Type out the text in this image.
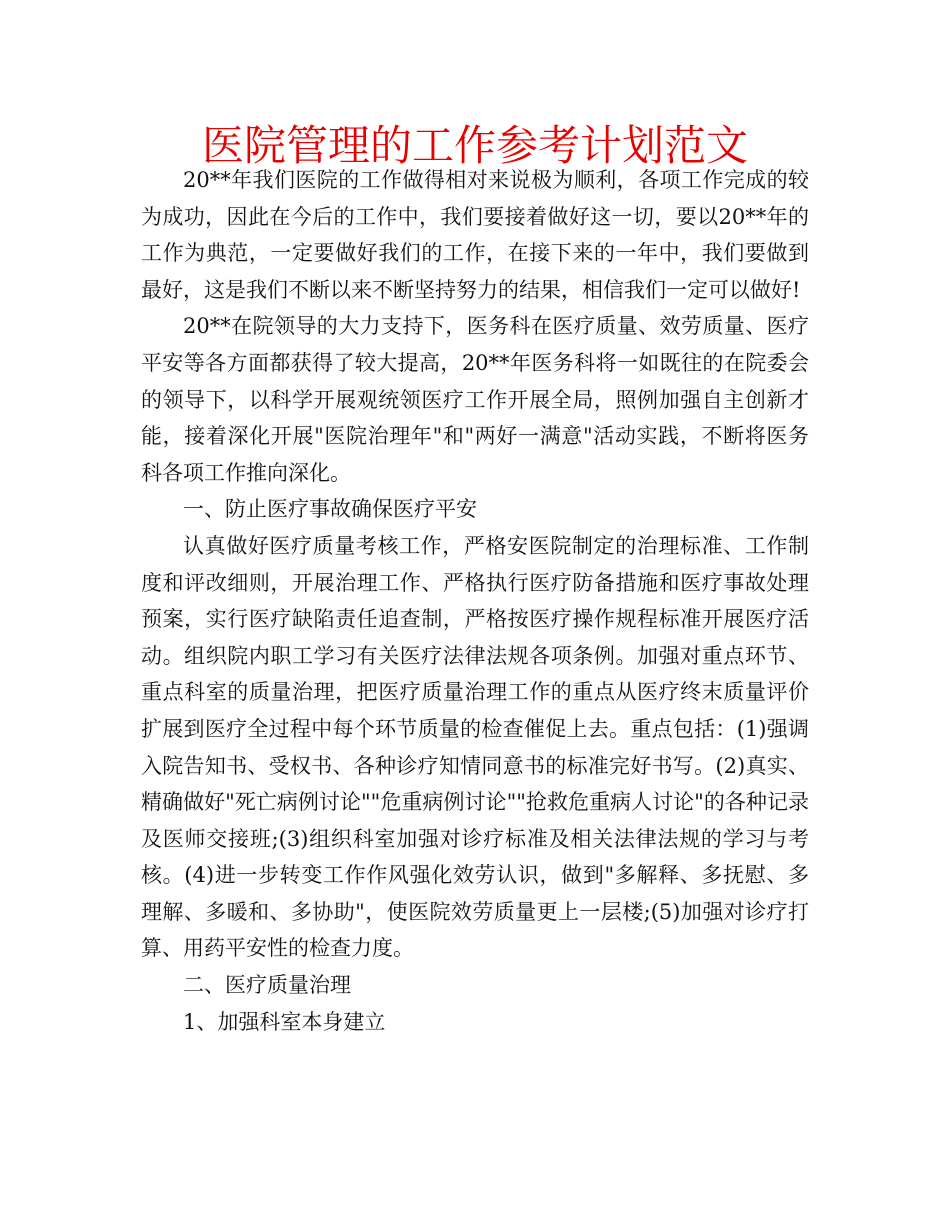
医院管理的工作参考计划范文

20**年我们医院的工作做得相对来说极为顺利，各项工作完成的较为成功，因此在今后的工作中，我们要接着做好这一切，要以20**年的工作为典范，一定要做好我们的工作，在接下来的一年中，我们要做到最好，这是我们不断以来不断坚持努力的结果，相信我们一定可以做好!

20**在院领导的大力支持下，医务科在医疗质量、效劳质量、医疗平安等各方面都获得了较大提高，20**年医务科将一如既往的在院委会的领导下，以科学开展观统领医疗工作开展全局，照例加强自主创新才能，接着深化开展"医院治理年"和"两好一满意"活动实践，不断将医务科各项工作推向深化。

一、防止医疗事故确保医疗平安

认真做好医疗质量考核工作，严格安医院制定的治理标准、工作制度和评改细则，开展治理工作、严格执行医疗防备措施和医疗事故处理预案，实行医疗缺陷责任追查制，严格按医疗操作规程标准开展医疗活动。组织院内职工学习有关医疗法律法规各项条例。加强对重点环节、重点科室的质量治理，把医疗质量治理工作的重点从医疗终末质量评价扩展到医疗全过程中每个环节质量的检查催促上去。重点包括：(1)强调入院告知书、受权书、各种诊疗知情同意书的标准完好书写。(2)真实、精确做好"死亡病例讨论""危重病例讨论""抢救危重病人讨论"的各种记录及医师交接班;(3)组织科室加强对诊疗标准及相关法律法规的学习与考核。(4)进一步转变工作作风强化效劳认识，做到"多解释、多抚慰、多理解、多暖和、多协助"，使医院效劳质量更上一层楼;(5)加强对诊疗打算、用药平安性的检查力度。

二、医疗质量治理

1、加强科室本身建立
